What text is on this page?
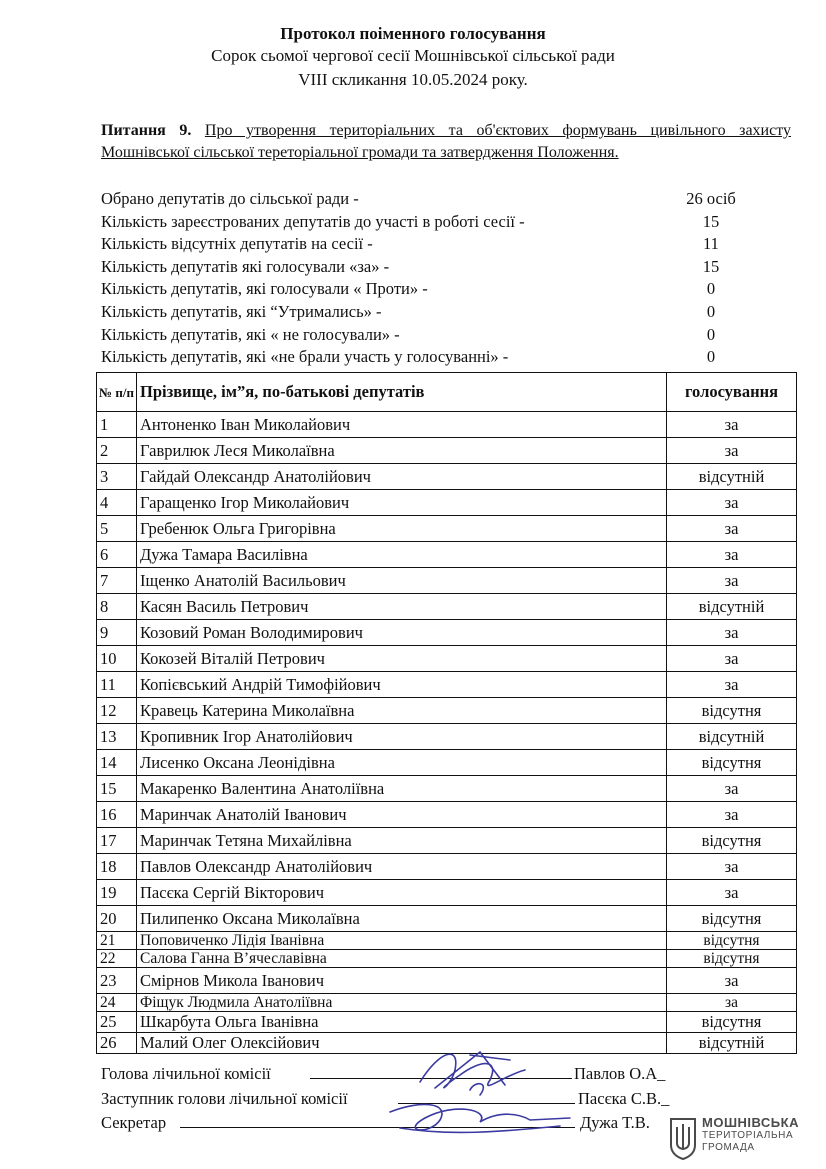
Протокол поіменного голосування
Сорок сьомої чергової сесії Мошнівської сільської ради
VIII скликання 10.05.2024 року.
Питання 9. Про утворення територіальних та об'єктових формувань цивільного захисту Мошнівської сільської тереторіальної громади та затвердження Положення.
Обрано депутатів до сільської ради -	26 осіб
Кількість зареєстрованих депутатів до участі в роботі сесії -	15
Кількість відсутніх депутатів на сесії -	11
Кількість депутатів які голосували «за» -	15
Кількість депутатів, які голосували « Проти» -	0
Кількість депутатів, які “Утримались» -	0
Кількість депутатів, які « не голосували» -	0
Кількість депутатів, які «не брали участь у голосуванні» -	0
№ п/п	Прізвище, ім”я, по-батькові депутатів	голосування
1	Антоненко Іван Миколайович	за
2	Гаврилюк Леся Миколаївна	за
3	Гайдай Олександр Анатолійович	відсутній
4	Гаращенко Ігор Миколайович	за
5	Гребенюк Ольга Григорівна	за
6	Дужа Тамара Василівна	за
7	Іщенко Анатолій Васильович	за
8	Касян Василь Петрович	відсутній
9	Козовий Роман Володимирович	за
10	Кокозей Віталій Петрович	за
11	Копієвський Андрій Тимофійович	за
12	Кравець Катерина Миколаївна	відсутня
13	Кропивник Ігор Анатолійович	відсутній
14	Лисенко Оксана Леонідівна	відсутня
15	Макаренко Валентина Анатоліївна	за
16	Маринчак Анатолій Іванович	за
17	Маринчак Тетяна Михайлівна	відсутня
18	Павлов Олександр Анатолійович	за
19	Пасєка Сергій Вікторович	за
20	Пилипенко Оксана Миколаївна	відсутня
21	Поповиченко Лідія Іванівна	відсутня
22	Салова Ганна В’ячеславівна	відсутня
23	Смірнов Микола Іванович	за
24	Фіщук Людмила Анатоліївна	за
25	Шкарбута Ольга Іванівна	відсутня
26	Малий Олег Олексійович	відсутній
Голова лічильної комісії	Павлов О.А_
Заступник голови лічильної комісії	Пасєка С.В._
Секретар	Дужа Т.В.	МОШНІВСЬКА
ТЕРИТОРІАЛЬНА
ГРОМАДА
